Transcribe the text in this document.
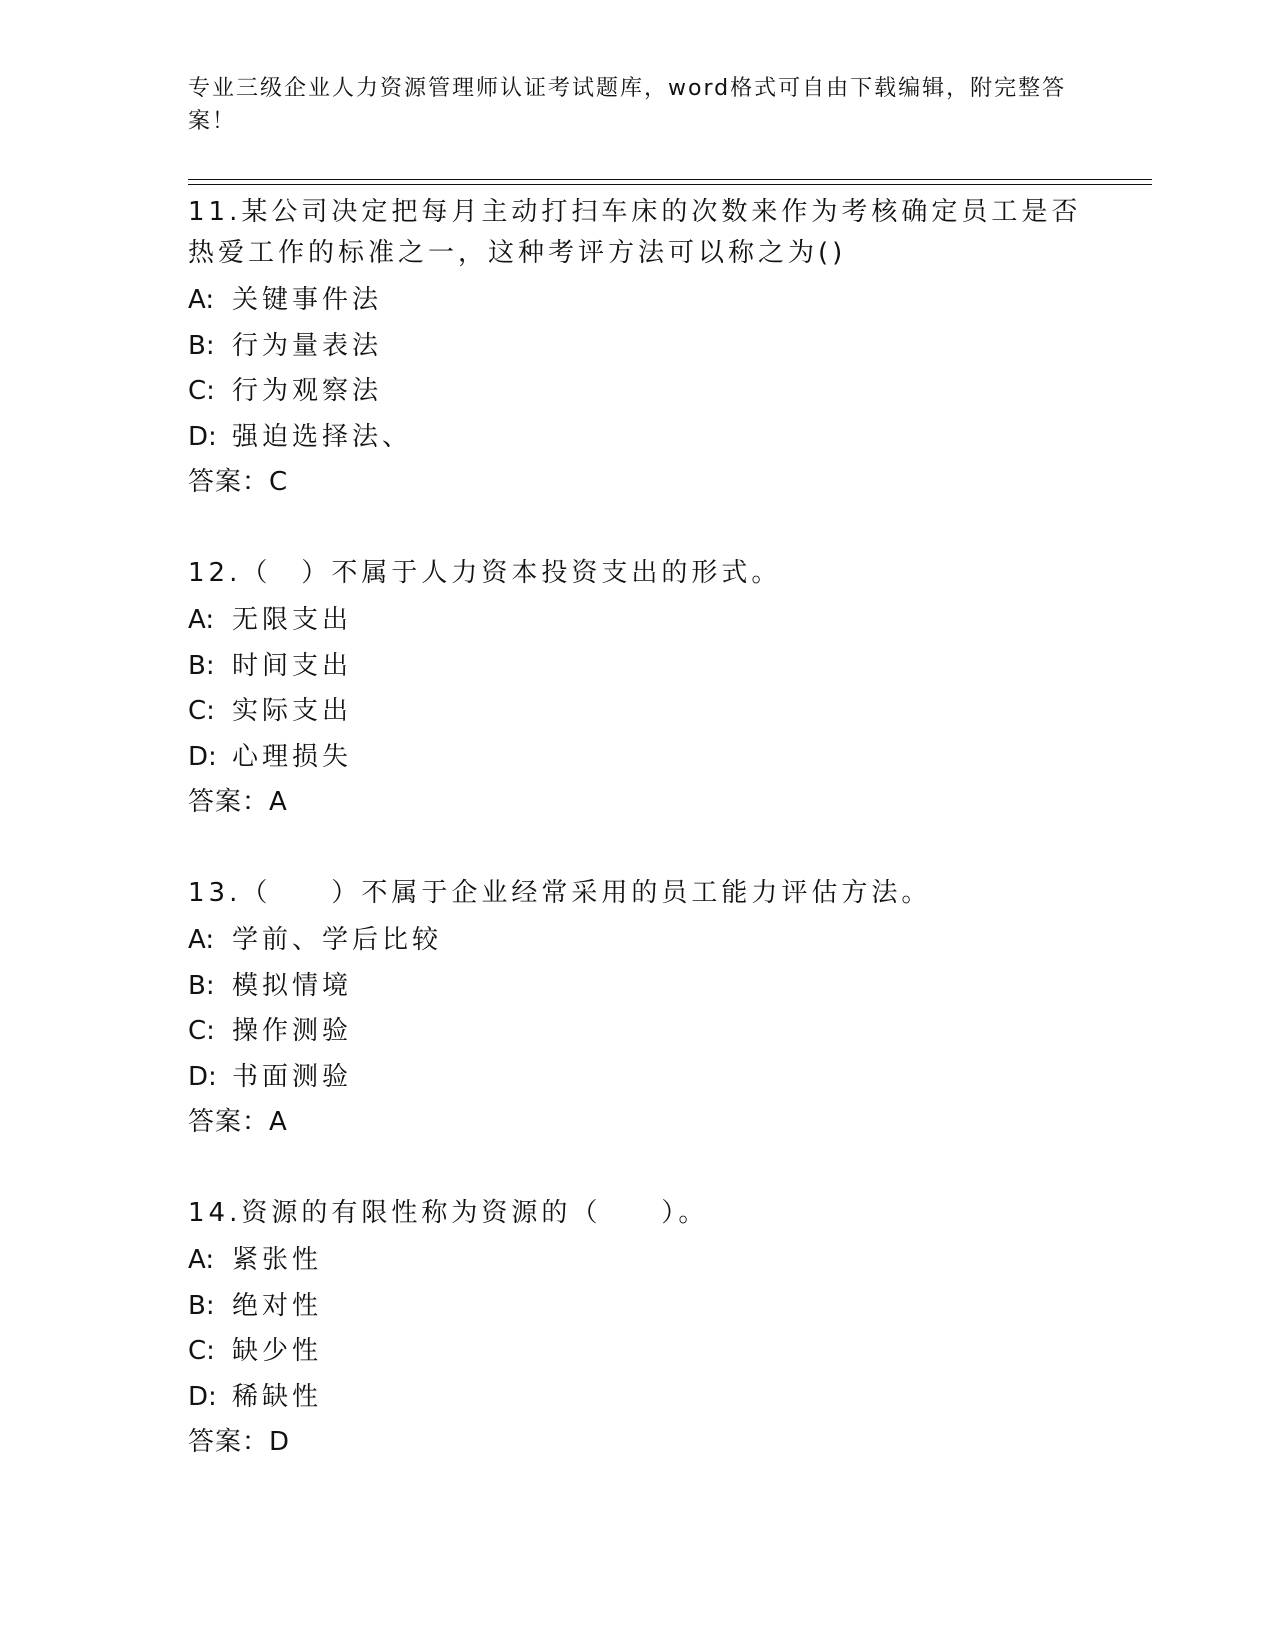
专业三级企业人力资源管理师认证考试题库，word格式可自由下载编辑，附完整答案！

11.某公司决定把每月主动打扫车床的次数来作为考核确定员工是否热爱工作的标准之一，这种考评方法可以称之为()

A: 关键事件法

B: 行为量表法

C: 行为观察法

D: 强迫选择法、

答案：C

12.（　）不属于人力资本投资支出的形式。

A: 无限支出

B: 时间支出

C: 实际支出

D: 心理损失

答案：A

13.（　　）不属于企业经常采用的员工能力评估方法。

A: 学前、学后比较

B: 模拟情境

C: 操作测验

D: 书面测验

答案：A

14.资源的有限性称为资源的（　　）。

A: 紧张性

B: 绝对性

C: 缺少性

D: 稀缺性

答案：D
